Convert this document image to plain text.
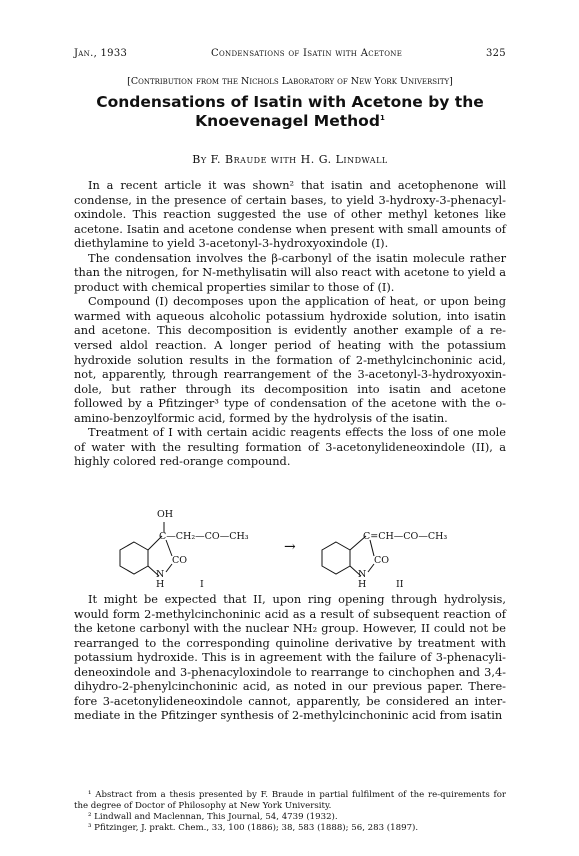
Jan., 1933	Condensations of Isatin with Acetone	325
[Contribution from the Nichols Laboratory of New York University]
Condensations of Isatin with Acetone by the Knoevenagel Method$^1$
By F. Braude with H. G. Lindwall

In a recent article it was shown² that isatin and acetophenone will condense, in the presence of certain bases, to yield 3-hydroxy-3-phenacyl-oxindole. This reaction suggested the use of other methyl ketones like acetone. Isatin and acetone condense when present with small amounts of diethylamine to yield 3-acetonyl-3-hydroxyoxindole (I).

The condensation involves the β-carbonyl of the isatin molecule rather than the nitrogen, for N-methylisatin will also react with acetone to yield a product with chemical properties similar to those of (I).

Compound (I) decomposes upon the application of heat, or upon being warmed with aqueous alcoholic potassium hydroxide solution, into isatin and acetone. This decomposition is evidently another example of a re-versed aldol reaction. A longer period of heating with the potassium hydroxide solution results in the formation of 2-methylcinchoninic acid, not, apparently, through rearrangement of the 3-acetonyl-3-hydroxyoxin-dole, but rather through its decomposition into isatin and acetone followed by a Pfitzinger³ type of condensation of the acetone with the o-amino-benzoylformic acid, formed by the hydrolysis of the isatin.

Treatment of I with certain acidic reagents effects the loss of one mole of water with the resulting formation of 3-acetonylideneoxindole (II), a highly colored red-orange compound.

OH
C—CH₂—CO—CH₃
CO
N
H	I
→
C=CH—CO—CH₃
CO
N
H	II

It might be expected that II, upon ring opening through hydrolysis, would form 2-methylcinchoninic acid as a result of subsequent reaction of the ketone carbonyl with the nuclear NH₂ group. However, II could not be rearranged to the corresponding quinoline derivative by treatment with potassium hydroxide. This is in agreement with the failure of 3-phenacyli-deneoxindole and 3-phenacyloxindole to rearrange to cinchophen and 3,4-dihydro-2-phenylcinchoninic acid, as noted in our previous paper. There-fore 3-acetonylideneoxindole cannot, apparently, be considered an inter-mediate in the Pfitzinger synthesis of 2-methylcinchoninic acid from isatin

¹ Abstract from a thesis presented by F. Braude in partial fulfilment of the re-quirements for the degree of Doctor of Philosophy at New York University.

² Lindwall and Maclennan, This Journal, 54, 4739 (1932).

³ Pfitzinger, J. prakt. Chem., 33, 100 (1886); 38, 583 (1888); 56, 283 (1897).
